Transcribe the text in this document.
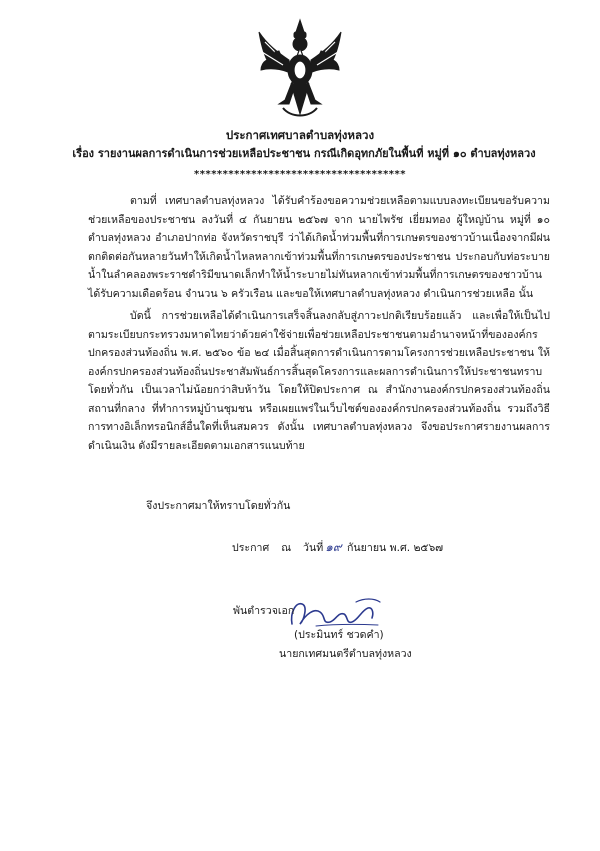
ประกาศเทศบาลตำบลทุ่งหลวง
เรื่อง รายงานผลการดำเนินการช่วยเหลือประชาชน กรณีเกิดอุทกภัยในพื้นที่ หมู่ที่ ๑๐ ตำบลทุ่งหลวง
*************************************

ตามที่ เทศบาลตำบลทุ่งหลวง ได้รับคำร้องขอความช่วยเหลือตามแบบลงทะเบียนขอรับความช่วยเหลือของประชาชน ลงวันที่ ๔ กันยายน ๒๕๖๗ จาก นายไพรัช เยี่ยมทอง ผู้ใหญ่บ้าน หมู่ที่ ๑๐ ตำบลทุ่งหลวง อำเภอปากท่อ จังหวัดราชบุรี ว่าได้เกิดน้ำท่วมพื้นที่การเกษตรของชาวบ้านเนื่องจากมีฝนตกติดต่อกันหลายวันทำให้เกิดน้ำไหลหลากเข้าท่วมพื้นที่การเกษตรของประชาชน ประกอบกับท่อระบายน้ำในลำคลองพระราชดำริมีขนาดเล็กทำให้น้ำระบายไม่ทันหลากเข้าท่วมพื้นที่การเกษตรของชาวบ้าน ได้รับความเดือดร้อน จำนวน ๖ ครัวเรือน และขอให้เทศบาลตำบลทุ่งหลวง ดำเนินการช่วยเหลือ นั้น

บัดนี้ การช่วยเหลือได้ดำเนินการเสร็จสิ้นลงกลับสู่ภาวะปกติเรียบร้อยแล้ว และเพื่อให้เป็นไปตามระเบียบกระทรวงมหาดไทยว่าด้วยค่าใช้จ่ายเพื่อช่วยเหลือประชาชนตามอำนาจหน้าที่ขององค์กรปกครองส่วนท้องถิ่น พ.ศ. ๒๕๖๐ ข้อ ๒๔ เมื่อสิ้นสุดการดำเนินการตามโครงการช่วยเหลือประชาชน ให้องค์กรปกครองส่วนท้องถิ่นประชาสัมพันธ์การสิ้นสุดโครงการและผลการดำเนินการให้ประชาชนทราบโดยทั่วกัน เป็นเวลาไม่น้อยกว่าสิบห้าวัน โดยให้ปิดประกาศ ณ สำนักงานองค์กรปกครองส่วนท้องถิ่น สถานที่กลาง ที่ทำการหมู่บ้านชุมชน หรือเผยแพร่ในเว็บไซต์ขององค์กรปกครองส่วนท้องถิ่น รวมถึงวิธีการทางอิเล็กทรอนิกส์อื่นใดที่เห็นสมควร ดังนั้น เทศบาลตำบลทุ่งหลวง จึงขอประกาศรายงานผลการดำเนินเงิน ดังมีรายละเอียดตามเอกสารแนบท้าย

จึงประกาศมาให้ทราบโดยทั่วกัน
ประกาศ ณ วันที่ ๑๙ กันยายน พ.ศ. ๒๕๖๗
พันตำรวจเอก
(ประมินทร์ ชวดคำ)
นายกเทศมนตรีตำบลทุ่งหลวง
